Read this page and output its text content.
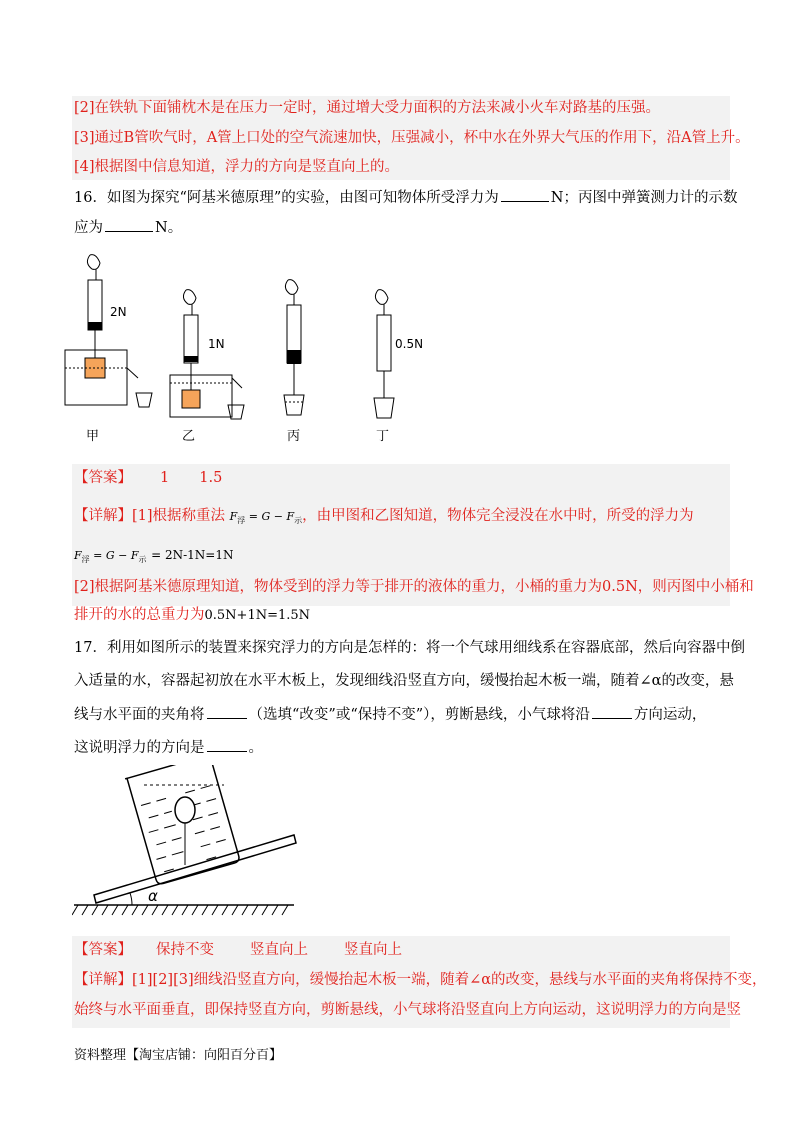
[2]在铁轨下面铺枕木是在压力一定时，通过增大受力面积的方法来减小火车对路基的压强。
[3]通过B管吹气时，A管上口处的空气流速加快，压强减小，杯中水在外界大气压的作用下，沿A管上升。
[4]根据图中信息知道，浮力的方向是竖直向上的。
16．如图为探究“阿基米德原理”的实验，由图可知物体所受浮力为	N；丙图中弹簧测力计的示数
应为	N。
2N
1N	0.5N
甲	乙	丙	丁
【答案】 1 1.5
【详解】[1]根据称重法 $F_浮 = G - F_示$，由甲图和乙图知道，物体完全浸没在水中时，所受的浮力为
$F_浮 = G - F_示 = 2N-1N=1N$
[2]根据阿基米德原理知道，物体受到的浮力等于排开的液体的重力，小桶的重力为0.5N，则丙图中小桶和
排开的水的总重力为0.5N+1N=1.5N
17．利用如图所示的装置来探究浮力的方向是怎样的：将一个气球用细线系在容器底部，然后向容器中倒
入适量的水，容器起初放在水平木板上，发现细线沿竖直方向，缓慢抬起木板一端，随着∠α的改变，悬
线与水平面的夹角将	（选填“改变”或“保持不变”），剪断悬线，小气球将沿	方向运动，
这说明浮力的方向是	。
α
【答案】 保持不变 竖直向上 竖直向上
【详解】[1][2][3]细线沿竖直方向，缓慢抬起木板一端，随着∠α的改变，悬线与水平面的夹角将保持不变，
始终与水平面垂直，即保持竖直方向，剪断悬线，小气球将沿竖直向上方向运动，这说明浮力的方向是竖
资料整理【淘宝店铺：向阳百分百】
